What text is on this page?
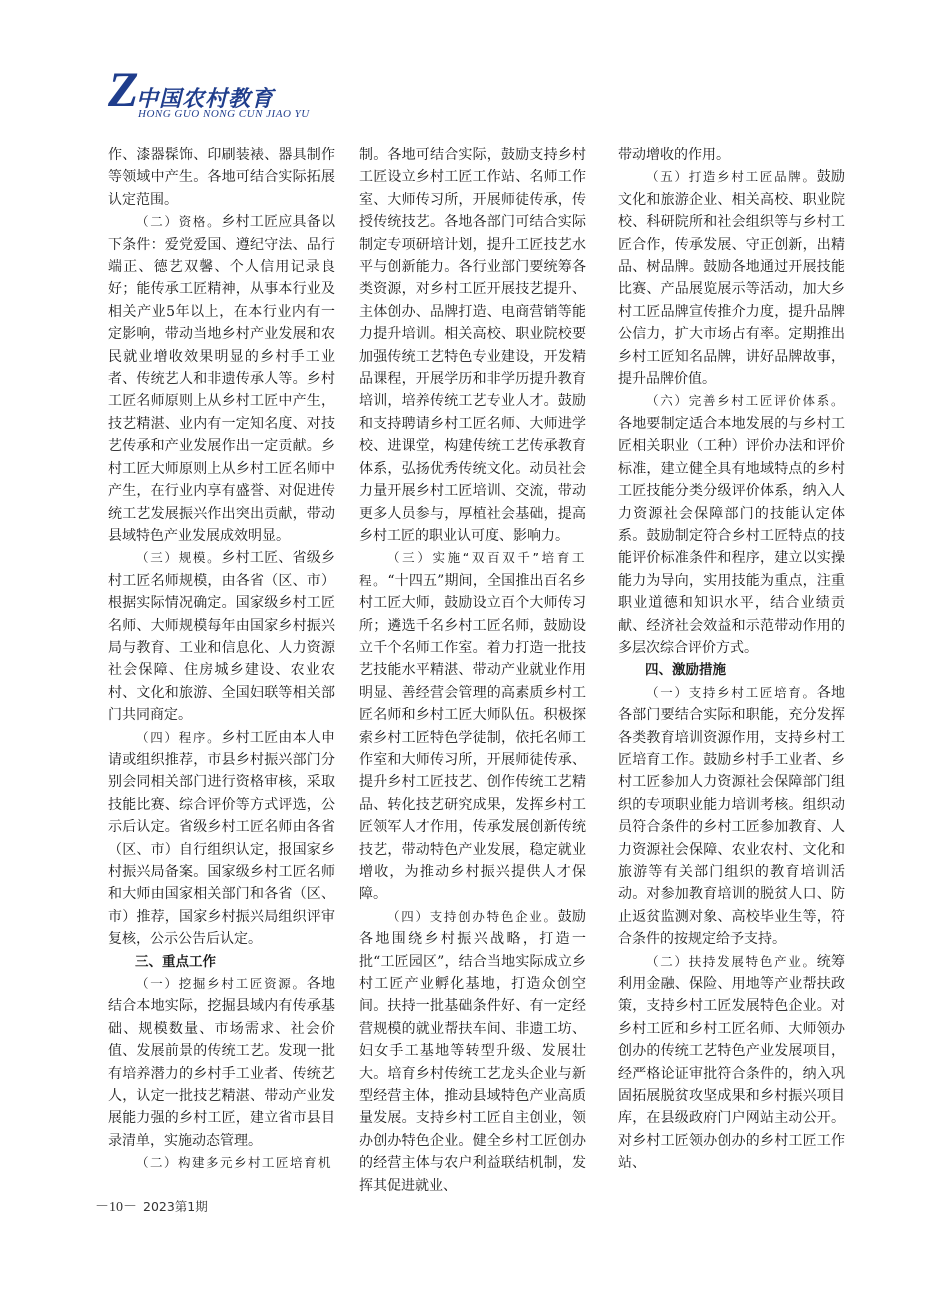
Z
中国农村教育
HONG GUO NONG CUN JIAO YU

作、漆器髹饰、印刷装裱、器具制作等领域中产生。各地可结合实际拓展认定范围。

（二）资格。乡村工匠应具备以下条件：爱党爱国、遵纪守法、品行端正、德艺双馨、个人信用记录良好；能传承工匠精神，从事本行业及相关产业5年以上，在本行业内有一定影响，带动当地乡村产业发展和农民就业增收效果明显的乡村手工业者、传统艺人和非遗传承人等。乡村工匠名师原则上从乡村工匠中产生，技艺精湛、业内有一定知名度、对技艺传承和产业发展作出一定贡献。乡村工匠大师原则上从乡村工匠名师中产生，在行业内享有盛誉、对促进传统工艺发展振兴作出突出贡献，带动县域特色产业发展成效明显。

（三）规模。乡村工匠、省级乡村工匠名师规模，由各省（区、市）根据实际情况确定。国家级乡村工匠名师、大师规模每年由国家乡村振兴局与教育、工业和信息化、人力资源社会保障、住房城乡建设、农业农村、文化和旅游、全国妇联等相关部门共同商定。

（四）程序。乡村工匠由本人申请或组织推荐，市县乡村振兴部门分别会同相关部门进行资格审核，采取技能比赛、综合评价等方式评选，公示后认定。省级乡村工匠名师由各省（区、市）自行组织认定，报国家乡村振兴局备案。国家级乡村工匠名师和大师由国家相关部门和各省（区、市）推荐，国家乡村振兴局组织评审复核，公示公告后认定。

三、重点工作

（一）挖掘乡村工匠资源。各地结合本地实际，挖掘县域内有传承基础、规模数量、市场需求、社会价值、发展前景的传统工艺。发现一批有培养潜力的乡村手工业者、传统艺人，认定一批技艺精湛、带动产业发展能力强的乡村工匠，建立省市县目录清单，实施动态管理。

（二）构建多元乡村工匠培育机

制。各地可结合实际，鼓励支持乡村工匠设立乡村工匠工作站、名师工作室、大师传习所，开展师徒传承，传授传统技艺。各地各部门可结合实际制定专项研培计划，提升工匠技艺水平与创新能力。各行业部门要统筹各类资源，对乡村工匠开展技艺提升、主体创办、品牌打造、电商营销等能力提升培训。相关高校、职业院校要加强传统工艺特色专业建设，开发精品课程，开展学历和非学历提升教育培训，培养传统工艺专业人才。鼓励和支持聘请乡村工匠名师、大师进学校、进课堂，构建传统工艺传承教育体系，弘扬优秀传统文化。动员社会力量开展乡村工匠培训、交流，带动更多人员参与，厚植社会基础，提高乡村工匠的职业认可度、影响力。

（三）实施“双百双千”培育工程。“十四五”期间，全国推出百名乡村工匠大师，鼓励设立百个大师传习所；遴选千名乡村工匠名师，鼓励设立千个名师工作室。着力打造一批技艺技能水平精湛、带动产业就业作用明显、善经营会管理的高素质乡村工匠名师和乡村工匠大师队伍。积极探索乡村工匠特色学徒制，依托名师工作室和大师传习所，开展师徒传承、提升乡村工匠技艺、创作传统工艺精品、转化技艺研究成果，发挥乡村工匠领军人才作用，传承发展创新传统技艺，带动特色产业发展，稳定就业增收，为推动乡村振兴提供人才保障。

（四）支持创办特色企业。鼓励各地围绕乡村振兴战略，打造一批“工匠园区”，结合当地实际成立乡村工匠产业孵化基地，打造众创空间。扶持一批基础条件好、有一定经营规模的就业帮扶车间、非遗工坊、妇女手工基地等转型升级、发展壮大。培育乡村传统工艺龙头企业与新型经营主体，推动县域特色产业高质量发展。支持乡村工匠自主创业，领办创办特色企业。健全乡村工匠创办的经营主体与农户利益联结机制，发挥其促进就业、

带动增收的作用。

（五）打造乡村工匠品牌。鼓励文化和旅游企业、相关高校、职业院校、科研院所和社会组织等与乡村工匠合作，传承发展、守正创新，出精品、树品牌。鼓励各地通过开展技能比赛、产品展览展示等活动，加大乡村工匠品牌宣传推介力度，提升品牌公信力，扩大市场占有率。定期推出乡村工匠知名品牌，讲好品牌故事，提升品牌价值。

（六）完善乡村工匠评价体系。各地要制定适合本地发展的与乡村工匠相关职业（工种）评价办法和评价标准，建立健全具有地域特点的乡村工匠技能分类分级评价体系，纳入人力资源社会保障部门的技能认定体系。鼓励制定符合乡村工匠特点的技能评价标准条件和程序，建立以实操能力为导向，实用技能为重点，注重职业道德和知识水平，结合业绩贡献、经济社会效益和示范带动作用的多层次综合评价方式。

四、激励措施

（一）支持乡村工匠培育。各地各部门要结合实际和职能，充分发挥各类教育培训资源作用，支持乡村工匠培育工作。鼓励乡村手工业者、乡村工匠参加人力资源社会保障部门组织的专项职业能力培训考核。组织动员符合条件的乡村工匠参加教育、人力资源社会保障、农业农村、文化和旅游等有关部门组织的教育培训活动。对参加教育培训的脱贫人口、防止返贫监测对象、高校毕业生等，符合条件的按规定给予支持。

（二）扶持发展特色产业。统筹利用金融、保险、用地等产业帮扶政策，支持乡村工匠发展特色企业。对乡村工匠和乡村工匠名师、大师领办创办的传统工艺特色产业发展项目，经严格论证审批符合条件的，纳入巩固拓展脱贫攻坚成果和乡村振兴项目库，在县级政府门户网站主动公开。对乡村工匠领办创办的乡村工匠工作站、

－10－ 2023第1期
